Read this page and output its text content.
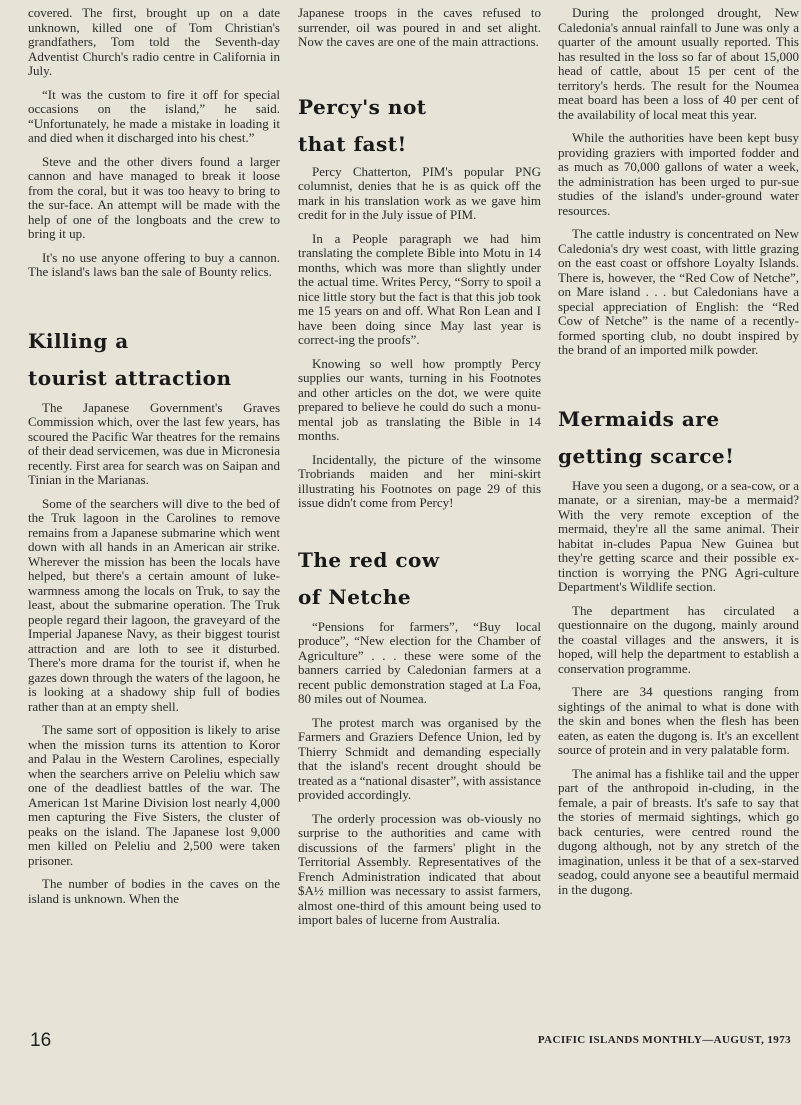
covered. The first, brought up on a date unknown, killed one of Tom Christian's grandfathers, Tom told the Seventh-day Adventist Church's radio centre in California in July.

“It was the custom to fire it off for special occasions on the island,” he said. “Unfortunately, he made a mistake in loading it and died when it discharged into his chest.”

Steve and the other divers found a larger cannon and have managed to break it loose from the coral, but it was too heavy to bring to the sur-face. An attempt will be made with the help of one of the longboats and the crew to bring it up.

It's no use anyone offering to buy a cannon. The island's laws ban the sale of Bounty relics.

Killing a
tourist attraction

The Japanese Government's Graves Commission which, over the last few years, has scoured the Pacific War theatres for the remains of their dead servicemen, was due in Micronesia recently. First area for search was on Saipan and Tinian in the Marianas.

Some of the searchers will dive to the bed of the Truk lagoon in the Carolines to remove remains from a Japanese submarine which went down with all hands in an American air strike. Wherever the mission has been the locals have helped, but there's a certain amount of luke-warmness among the locals on Truk, to say the least, about the submarine operation. The Truk people regard their lagoon, the graveyard of the Imperial Japanese Navy, as their biggest tourist attraction and are loth to see it disturbed. There's more drama for the tourist if, when he gazes down through the waters of the lagoon, he is looking at a shadowy ship full of bodies rather than at an empty shell.

The same sort of opposition is likely to arise when the mission turns its attention to Koror and Palau in the Western Carolines, especially when the searchers arrive on Peleliu which saw one of the deadliest battles of the war. The American 1st Marine Division lost nearly 4,000 men capturing the Five Sisters, the cluster of peaks on the island. The Japanese lost 9,000 men killed on Peleliu and 2,500 were taken prisoner.

The number of bodies in the caves on the island is unknown. When the

Japanese troops in the caves refused to surrender, oil was poured in and set alight. Now the caves are one of the main attractions.

Percy's not
that fast!

Percy Chatterton, PIM's popular PNG columnist, denies that he is as quick off the mark in his translation work as we gave him credit for in the July issue of PIM.

In a People paragraph we had him translating the complete Bible into Motu in 14 months, which was more than slightly under the actual time. Writes Percy, “Sorry to spoil a nice little story but the fact is that this job took me 15 years on and off. What Ron Lean and I have been doing since May last year is correct-ing the proofs”.

Knowing so well how promptly Percy supplies our wants, turning in his Footnotes and other articles on the dot, we were quite prepared to believe he could do such a monu-mental job as translating the Bible in 14 months.

Incidentally, the picture of the winsome Trobriands maiden and her mini-skirt illustrating his Footnotes on page 29 of this issue didn't come from Percy!

The red cow
of Netche

“Pensions for farmers”, “Buy local produce”, “New election for the Chamber of Agriculture” . . . these were some of the banners carried by Caledonian farmers at a recent public demonstration staged at La Foa, 80 miles out of Noumea.

The protest march was organised by the Farmers and Graziers Defence Union, led by Thierry Schmidt and demanding especially that the island's recent drought should be treated as a “national disaster”, with assistance provided accordingly.

The orderly procession was ob-viously no surprise to the authorities and came with discussions of the farmers' plight in the Territorial Assembly. Representatives of the French Administration indicated that about $A½ million was necessary to assist farmers, almost one-third of this amount being used to import bales of lucerne from Australia.

During the prolonged drought, New Caledonia's annual rainfall to June was only a quarter of the amount usually reported. This has resulted in the loss so far of about 15,000 head of cattle, about 15 per cent of the territory's herds. The result for the Noumea meat board has been a loss of 40 per cent of the availability of local meat this year.

While the authorities have been kept busy providing graziers with imported fodder and as much as 70,000 gallons of water a week, the administration has been urged to pur-sue studies of the island's under-ground water resources.

The cattle industry is concentrated on New Caledonia's dry west coast, with little grazing on the east coast or offshore Loyalty Islands. There is, however, the “Red Cow of Netche”, on Mare island . . . but Caledonians have a special appreciation of English: the “Red Cow of Netche” is the name of a recently-formed sporting club, no doubt inspired by the brand of an imported milk powder.

Mermaids are
getting scarce!

Have you seen a dugong, or a sea-cow, or a manate, or a sirenian, may-be a mermaid? With the very remote exception of the mermaid, they're all the same animal. Their habitat in-cludes Papua New Guinea but they're getting scarce and their possible ex-tinction is worrying the PNG Agri-culture Department's Wildlife section.

The department has circulated a questionnaire on the dugong, mainly around the coastal villages and the answers, it is hoped, will help the department to establish a conservation programme.

There are 34 questions ranging from sightings of the animal to what is done with the skin and bones when the flesh has been eaten, as eaten the dugong is. It's an excellent source of protein and in very palatable form.

The animal has a fishlike tail and the upper part of the anthropoid in-cluding, in the female, a pair of breasts. It's safe to say that the stories of mermaid sightings, which go back centuries, were centred round the dugong although, not by any stretch of the imagination, unless it be that of a sex-starved seadog, could anyone see a beautiful mermaid in the dugong.

16	PACIFIC ISLANDS MONTHLY—AUGUST, 1973
